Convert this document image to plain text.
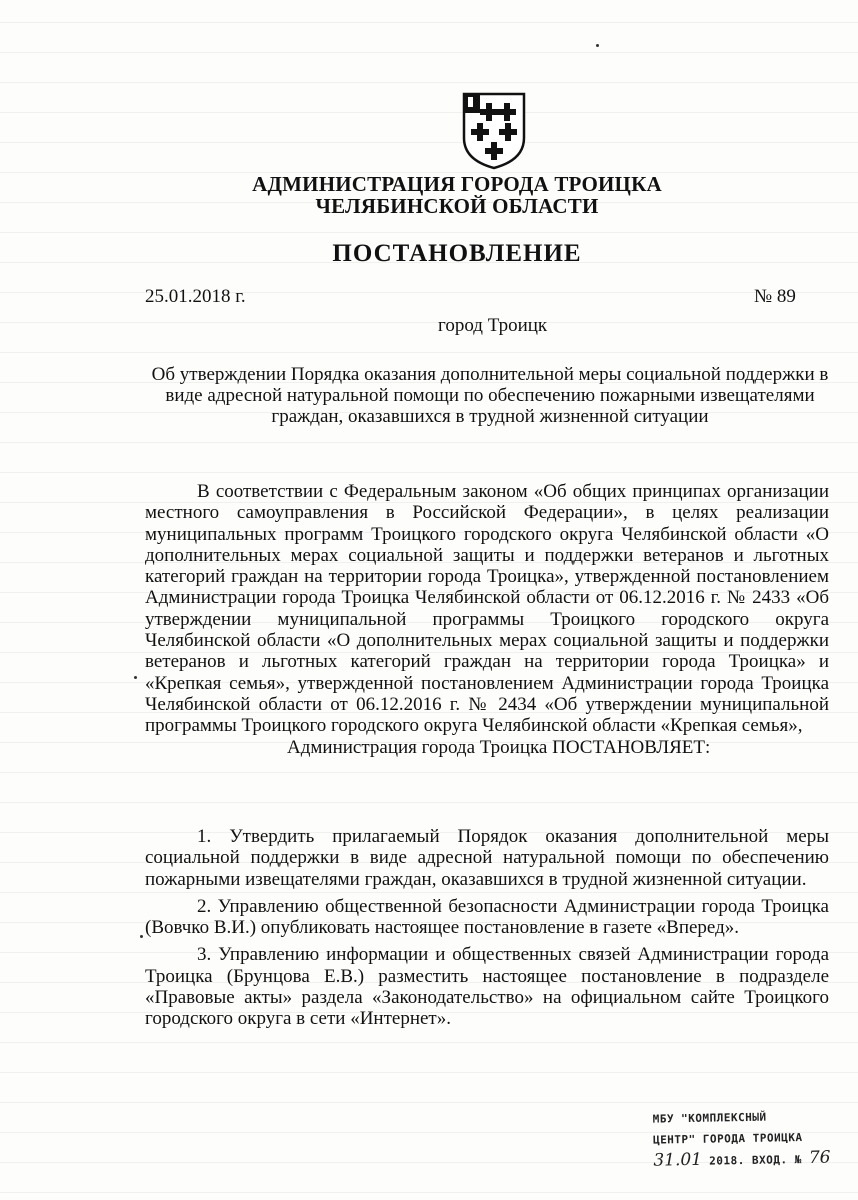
АДМИНИСТРАЦИЯ ГОРОДА ТРОИЦКА
ЧЕЛЯБИНСКОЙ ОБЛАСТИ
ПОСТАНОВЛЕНИЕ
25.01.2018 г.	№ 89
город Троицк
Об утверждении Порядка оказания дополнительной меры социальной поддержки в виде адресной натуральной помощи по обеспечению пожарными извещателями граждан, оказавшихся в трудной жизненной ситуации

В соответствии с Федеральным законом «Об общих принципах организации местного самоуправления в Российской Федерации», в целях реализации муниципальных программ Троицкого городского округа Челябинской области «О дополнительных мерах социальной защиты и поддержки ветеранов и льготных категорий граждан на территории города Троицка», утвержденной постановлением Администрации города Троицка Челябинской области от 06.12.2016 г. № 2433 «Об утверждении муниципальной программы Троицкого городского округа Челябинской области «О дополнительных мерах социальной защиты и поддержки ветеранов и льготных категорий граждан на территории города Троицка» и «Крепкая семья», утвержденной постановлением Администрации города Троицка Челябинской области от 06.12.2016 г. № 2434 «Об утверждении муниципальной программы Троицкого городского округа Челябинской области «Крепкая семья»,

Администрация города Троицка ПОСТАНОВЛЯЕТ:

1. Утвердить прилагаемый Порядок оказания дополнительной меры социальной поддержки в виде адресной натуральной помощи по обеспечению пожарными извещателями граждан, оказавшихся в трудной жизненной ситуации.

2. Управлению общественной безопасности Администрации города Троицка (Вовчко В.И.) опубликовать настоящее постановление в газете «Вперед».

3. Управлению информации и общественных связей Администрации города Троицка (Брунцова Е.В.) разместить настоящее постановление в подразделе «Правовые акты» раздела «Законодательство» на официальном сайте Троицкого городского округа в сети «Интернет».

МБУ "КОМПЛЕКСНЫЙ
ЦЕНТР" ГОРОДА ТРОИЦКА
31.01 2018. ВХОД. № 76
